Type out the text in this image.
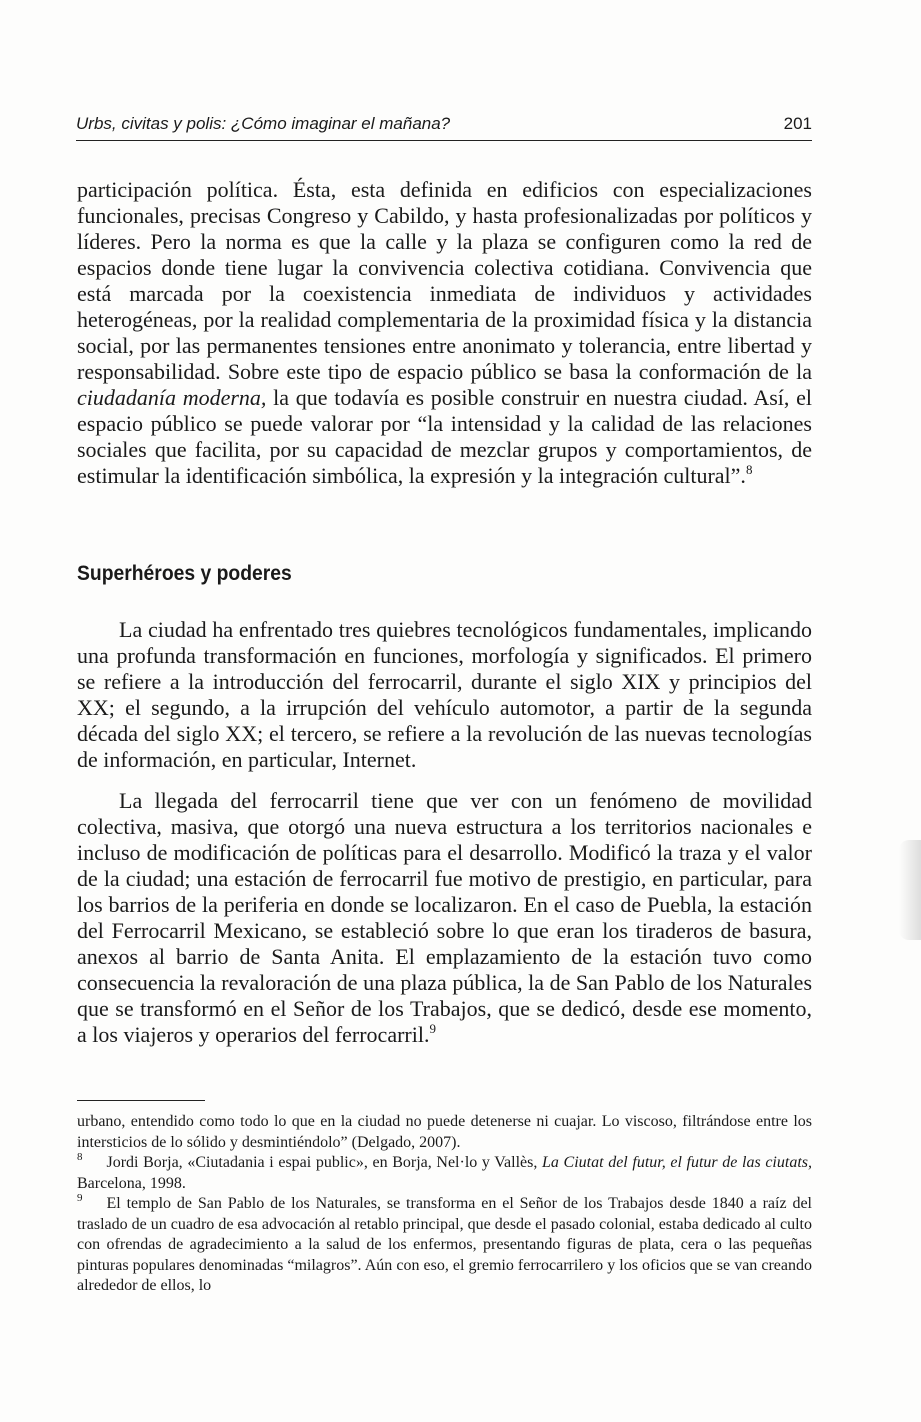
Urbs, civitas y polis: ¿Cómo imaginar el mañana?	201

participación política. Ésta, esta definida en edificios con especializaciones funcionales, precisas Congreso y Cabildo, y hasta profesionalizadas por políticos y líderes. Pero la norma es que la calle y la plaza se configuren como la red de espacios donde tiene lugar la convivencia colectiva cotidiana. Convivencia que está marcada por la coexistencia inmediata de individuos y actividades heterogéneas, por la realidad complementaria de la proximidad física y la distancia social, por las permanentes tensiones entre anonimato y tolerancia, entre libertad y responsabilidad. Sobre este tipo de espacio público se basa la conformación de la ciudadanía moderna, la que todavía es posible construir en nuestra ciudad. Así, el espacio público se puede valorar por “la intensidad y la calidad de las relaciones sociales que facilita, por su capacidad de mezclar grupos y comportamientos, de estimular la identificación simbólica, la expresión y la integración cultural”.$^8$

Superhéroes y poderes

La ciudad ha enfrentado tres quiebres tecnológicos fundamentales, implicando una profunda transformación en funciones, morfología y significados. El primero se refiere a la introducción del ferrocarril, durante el siglo XIX y principios del XX; el segundo, a la irrupción del vehículo automotor, a partir de la segunda década del siglo XX; el tercero, se refiere a la revolución de las nuevas tecnologías de información, en particular, Internet.

La llegada del ferrocarril tiene que ver con un fenómeno de movilidad colectiva, masiva, que otorgó una nueva estructura a los territorios nacionales e incluso de modificación de políticas para el desarrollo. Modificó la traza y el valor de la ciudad; una estación de ferrocarril fue motivo de prestigio, en particular, para los barrios de la periferia en donde se localizaron. En el caso de Puebla, la estación del Ferrocarril Mexicano, se estableció sobre lo que eran los tiraderos de basura, anexos al barrio de Santa Anita. El emplazamiento de la estación tuvo como consecuencia la revaloración de una plaza pública, la de San Pablo de los Naturales que se transformó en el Señor de los Trabajos, que se dedicó, desde ese momento, a los viajeros y operarios del ferrocarril.$^9$

urbano, entendido como todo lo que en la ciudad no puede detenerse ni cuajar. Lo viscoso, filtrándose entre los intersticios de lo sólido y desmintiéndolo” (Delgado, 2007).

8 Jordi Borja, «Ciutadania i espai public», en Borja, Nel·lo y Vallès, La Ciutat del futur, el futur de las ciutats, Barcelona, 1998.

9 El templo de San Pablo de los Naturales, se transforma en el Señor de los Trabajos desde 1840 a raíz del traslado de un cuadro de esa advocación al retablo principal, que desde el pasado colonial, estaba dedicado al culto con ofrendas de agradecimiento a la salud de los enfermos, presentando figuras de plata, cera o las pequeñas pinturas populares denominadas “milagros”. Aún con eso, el gremio ferrocarrilero y los oficios que se van creando alrededor de ellos, lo
